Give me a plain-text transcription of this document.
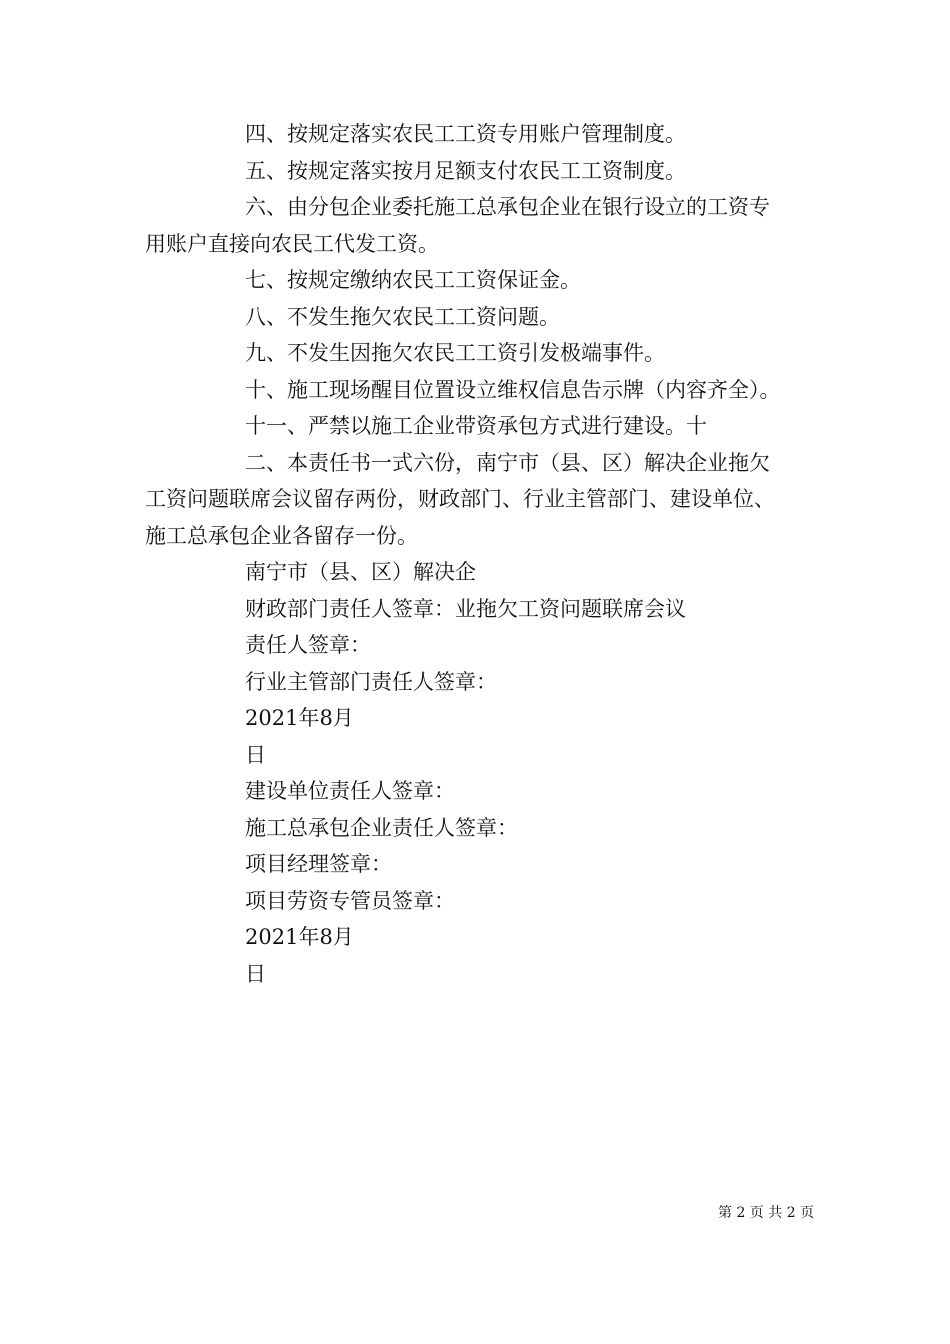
四、按规定落实农民工工资专用账户管理制度。
五、按规定落实按月足额支付农民工工资制度。
六、由分包企业委托施工总承包企业在银行设立的工资专
用账户直接向农民工代发工资。
七、按规定缴纳农民工工资保证金。
八、不发生拖欠农民工工资问题。
九、不发生因拖欠农民工工资引发极端事件。
十、施工现场醒目位置设立维权信息告示牌（内容齐全）。
十一、严禁以施工企业带资承包方式进行建设。十
二、本责任书一式六份，南宁市（县、区）解决企业拖欠
工资问题联席会议留存两份，财政部门、行业主管部门、建设单位、
施工总承包企业各留存一份。
南宁市（县、区）解决企
财政部门责任人签章：业拖欠工资问题联席会议
责任人签章：
行业主管部门责任人签章：
2021年8月
日
建设单位责任人签章：
施工总承包企业责任人签章：
项目经理签章：
项目劳资专管员签章：
2021年8月
日
第 2 页 共 2 页
